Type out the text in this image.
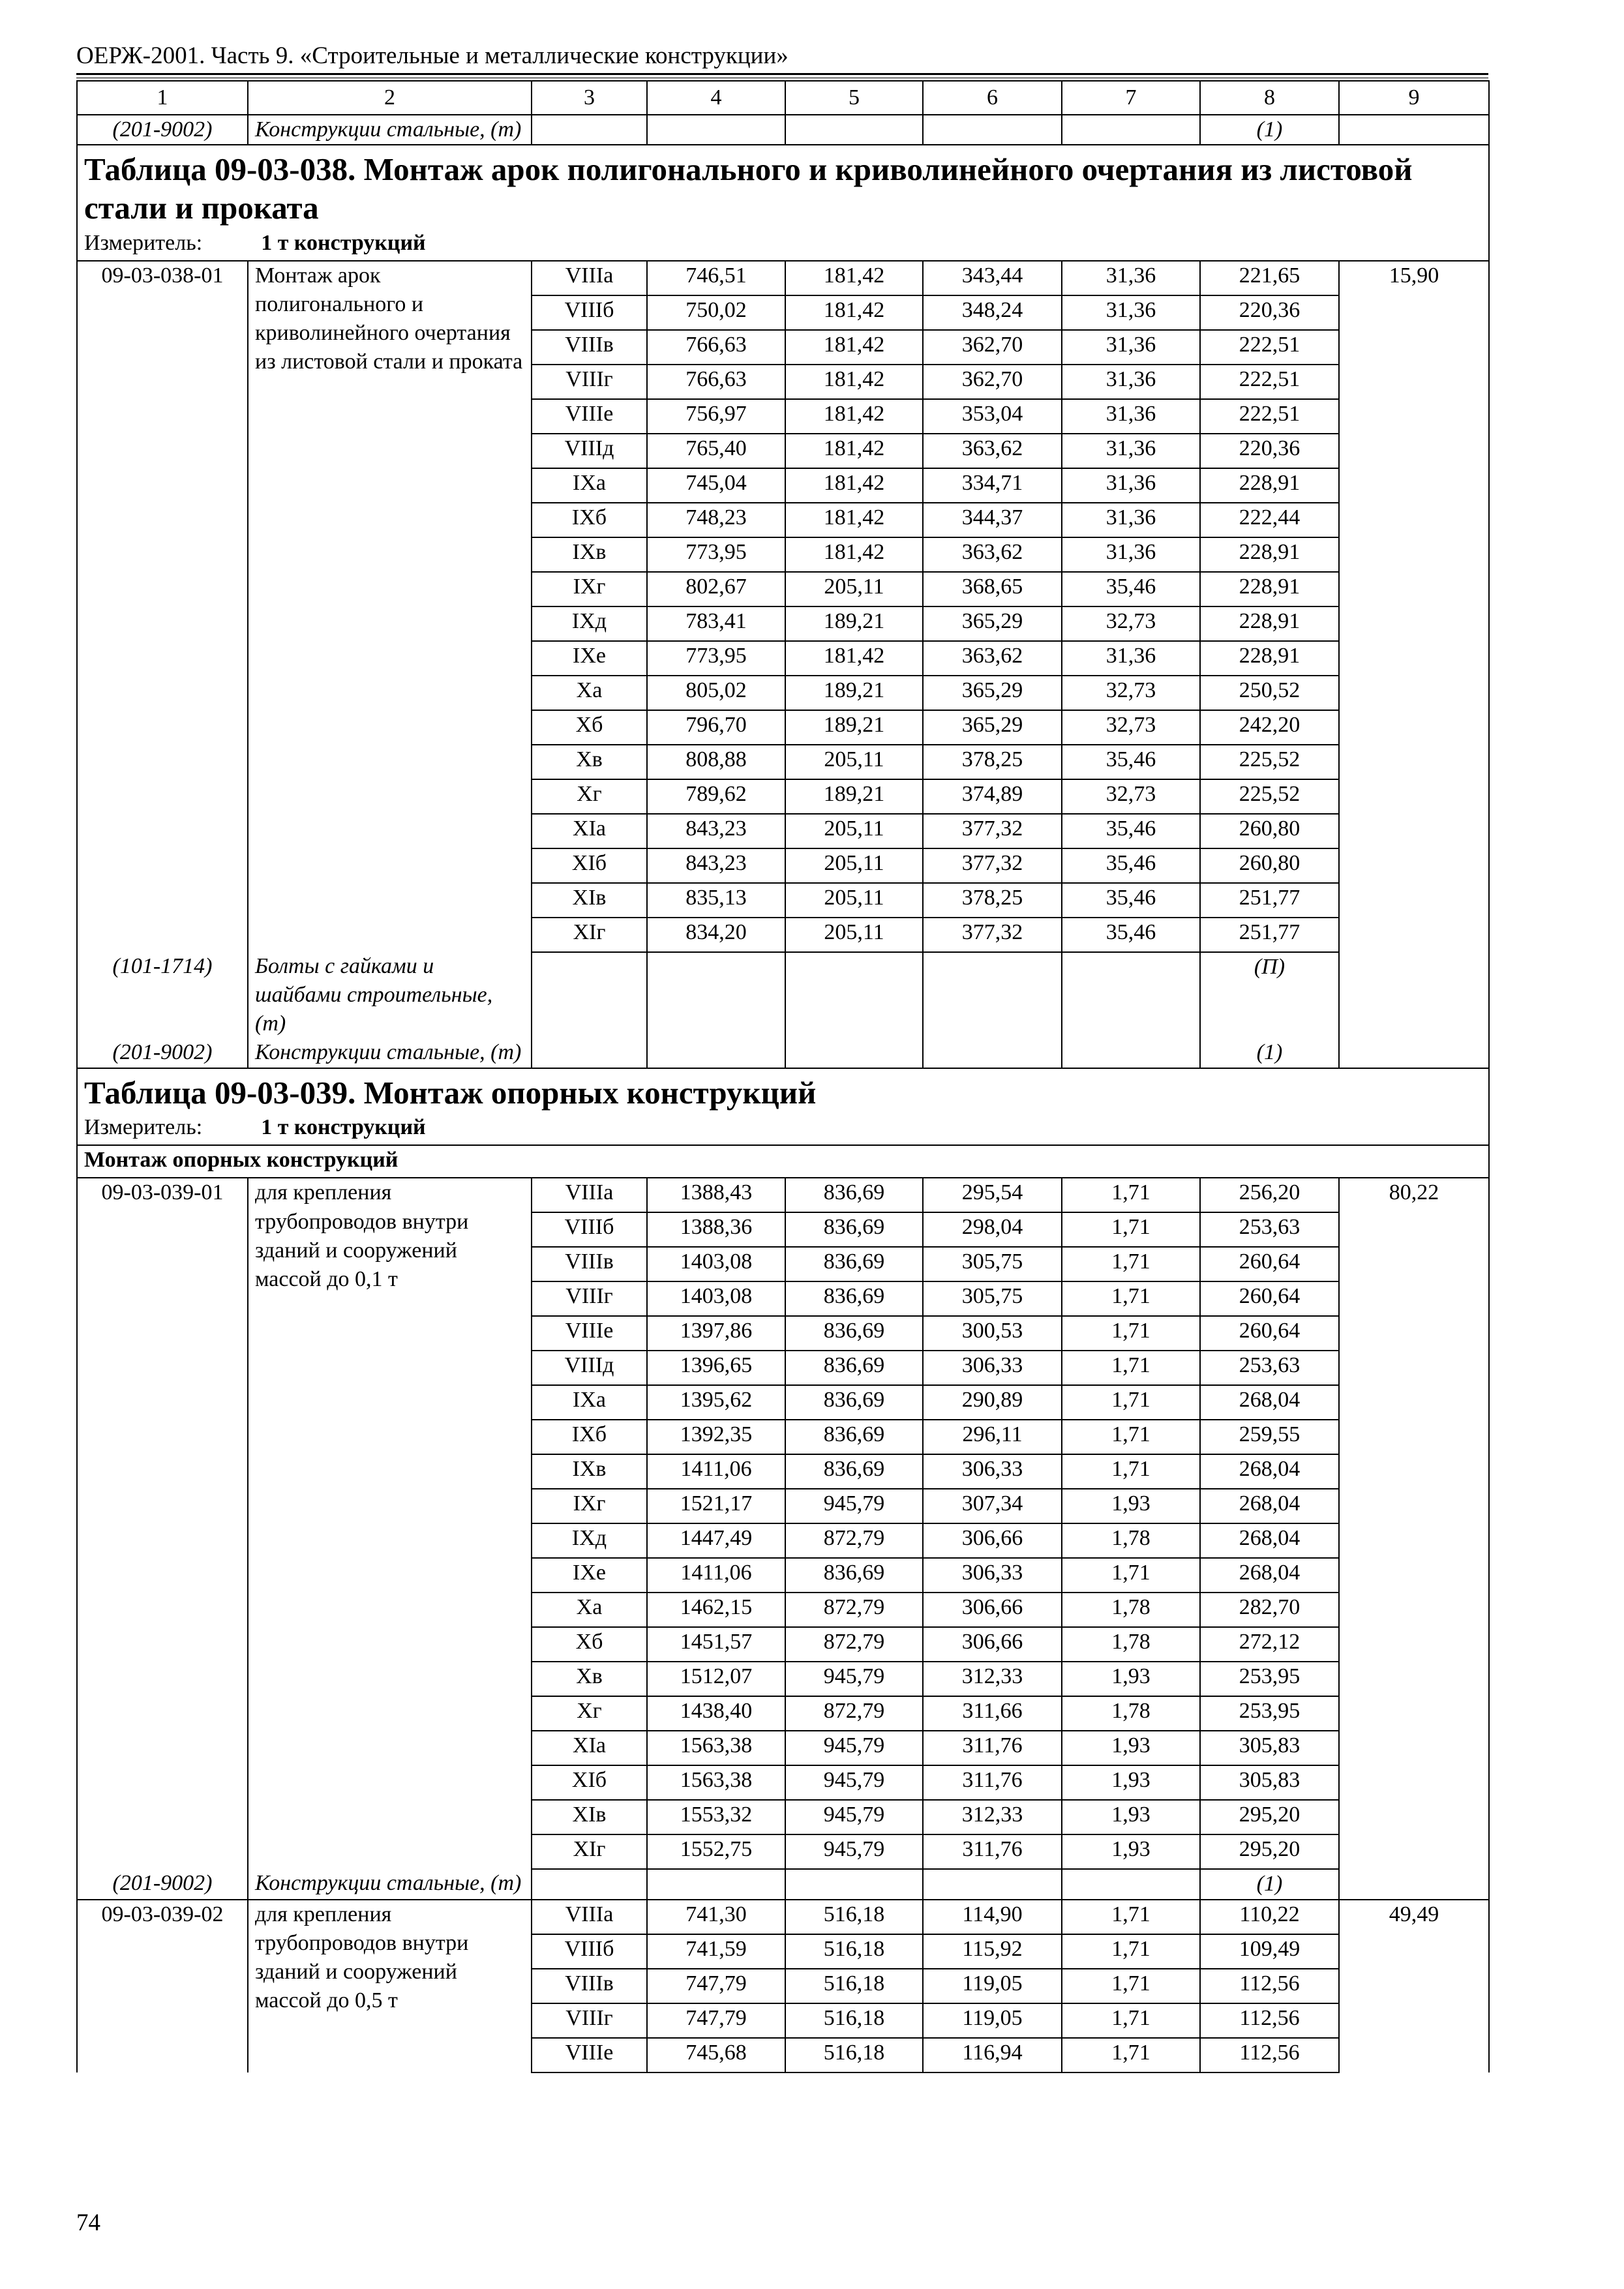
ОЕРЖ-2001. Часть 9. «Строительные и металлические конструкции»
1	2	3	4	5	6	7	8	9
(201-9002)	Конструкции стальные, (т)						(1)	
Таблица 09-03-038. Монтаж арок полигонального и криволинейного очертания из листовой стали и проката								
Измеритель: 1 т конструкций								
09-03-038-01	Монтаж арок полигонального и криволинейного очертания из листовой стали и проката	VIIIа	746,51	181,42	343,44	31,36	221,65	15,90
		VIIIб	750,02	181,42	348,24	31,36	220,36	
		VIIIв	766,63	181,42	362,70	31,36	222,51	
		VIIIг	766,63	181,42	362,70	31,36	222,51	
		VIIIе	756,97	181,42	353,04	31,36	222,51	
		VIIIд	765,40	181,42	363,62	31,36	220,36	
		IXа	745,04	181,42	334,71	31,36	228,91	
		IXб	748,23	181,42	344,37	31,36	222,44	
		IXв	773,95	181,42	363,62	31,36	228,91	
		IXг	802,67	205,11	368,65	35,46	228,91	
		IXд	783,41	189,21	365,29	32,73	228,91	
		IXе	773,95	181,42	363,62	31,36	228,91	
		Xа	805,02	189,21	365,29	32,73	250,52	
		Xб	796,70	189,21	365,29	32,73	242,20	
		Xв	808,88	205,11	378,25	35,46	225,52	
		Xг	789,62	189,21	374,89	32,73	225,52	
		XIа	843,23	205,11	377,32	35,46	260,80	
		XIб	843,23	205,11	377,32	35,46	260,80	
		XIв	835,13	205,11	378,25	35,46	251,77	
		XIг	834,20	205,11	377,32	35,46	251,77	
(101-1714)	Болты с гайками и шайбами строительные, (т)						(П)	
(201-9002)	Конструкции стальные, (т)						(1)	
Таблица 09-03-039. Монтаж опорных конструкций								
Измеритель: 1 т конструкций								
Монтаж опорных конструкций								
09-03-039-01	для крепления трубопроводов внутри зданий и сооружений массой до 0,1 т	VIIIа	1388,43	836,69	295,54	1,71	256,20	80,22
		VIIIб	1388,36	836,69	298,04	1,71	253,63	
		VIIIв	1403,08	836,69	305,75	1,71	260,64	
		VIIIг	1403,08	836,69	305,75	1,71	260,64	
		VIIIе	1397,86	836,69	300,53	1,71	260,64	
		VIIIд	1396,65	836,69	306,33	1,71	253,63	
		IXа	1395,62	836,69	290,89	1,71	268,04	
		IXб	1392,35	836,69	296,11	1,71	259,55	
		IXв	1411,06	836,69	306,33	1,71	268,04	
		IXг	1521,17	945,79	307,34	1,93	268,04	
		IXд	1447,49	872,79	306,66	1,78	268,04	
		IXе	1411,06	836,69	306,33	1,71	268,04	
		Xа	1462,15	872,79	306,66	1,78	282,70	
		Xб	1451,57	872,79	306,66	1,78	272,12	
		Xв	1512,07	945,79	312,33	1,93	253,95	
		Xг	1438,40	872,79	311,66	1,78	253,95	
		XIа	1563,38	945,79	311,76	1,93	305,83	
		XIб	1563,38	945,79	311,76	1,93	305,83	
		XIв	1553,32	945,79	312,33	1,93	295,20	
		XIг	1552,75	945,79	311,76	1,93	295,20	
(201-9002)	Конструкции стальные, (т)						(1)	
09-03-039-02	для крепления трубопроводов внутри зданий и сооружений массой до 0,5 т	VIIIа	741,30	516,18	114,90	1,71	110,22	49,49
		VIIIб	741,59	516,18	115,92	1,71	109,49	
		VIIIв	747,79	516,18	119,05	1,71	112,56	
		VIIIг	747,79	516,18	119,05	1,71	112,56	
		VIIIе	745,68	516,18	116,94	1,71	112,56	
74
